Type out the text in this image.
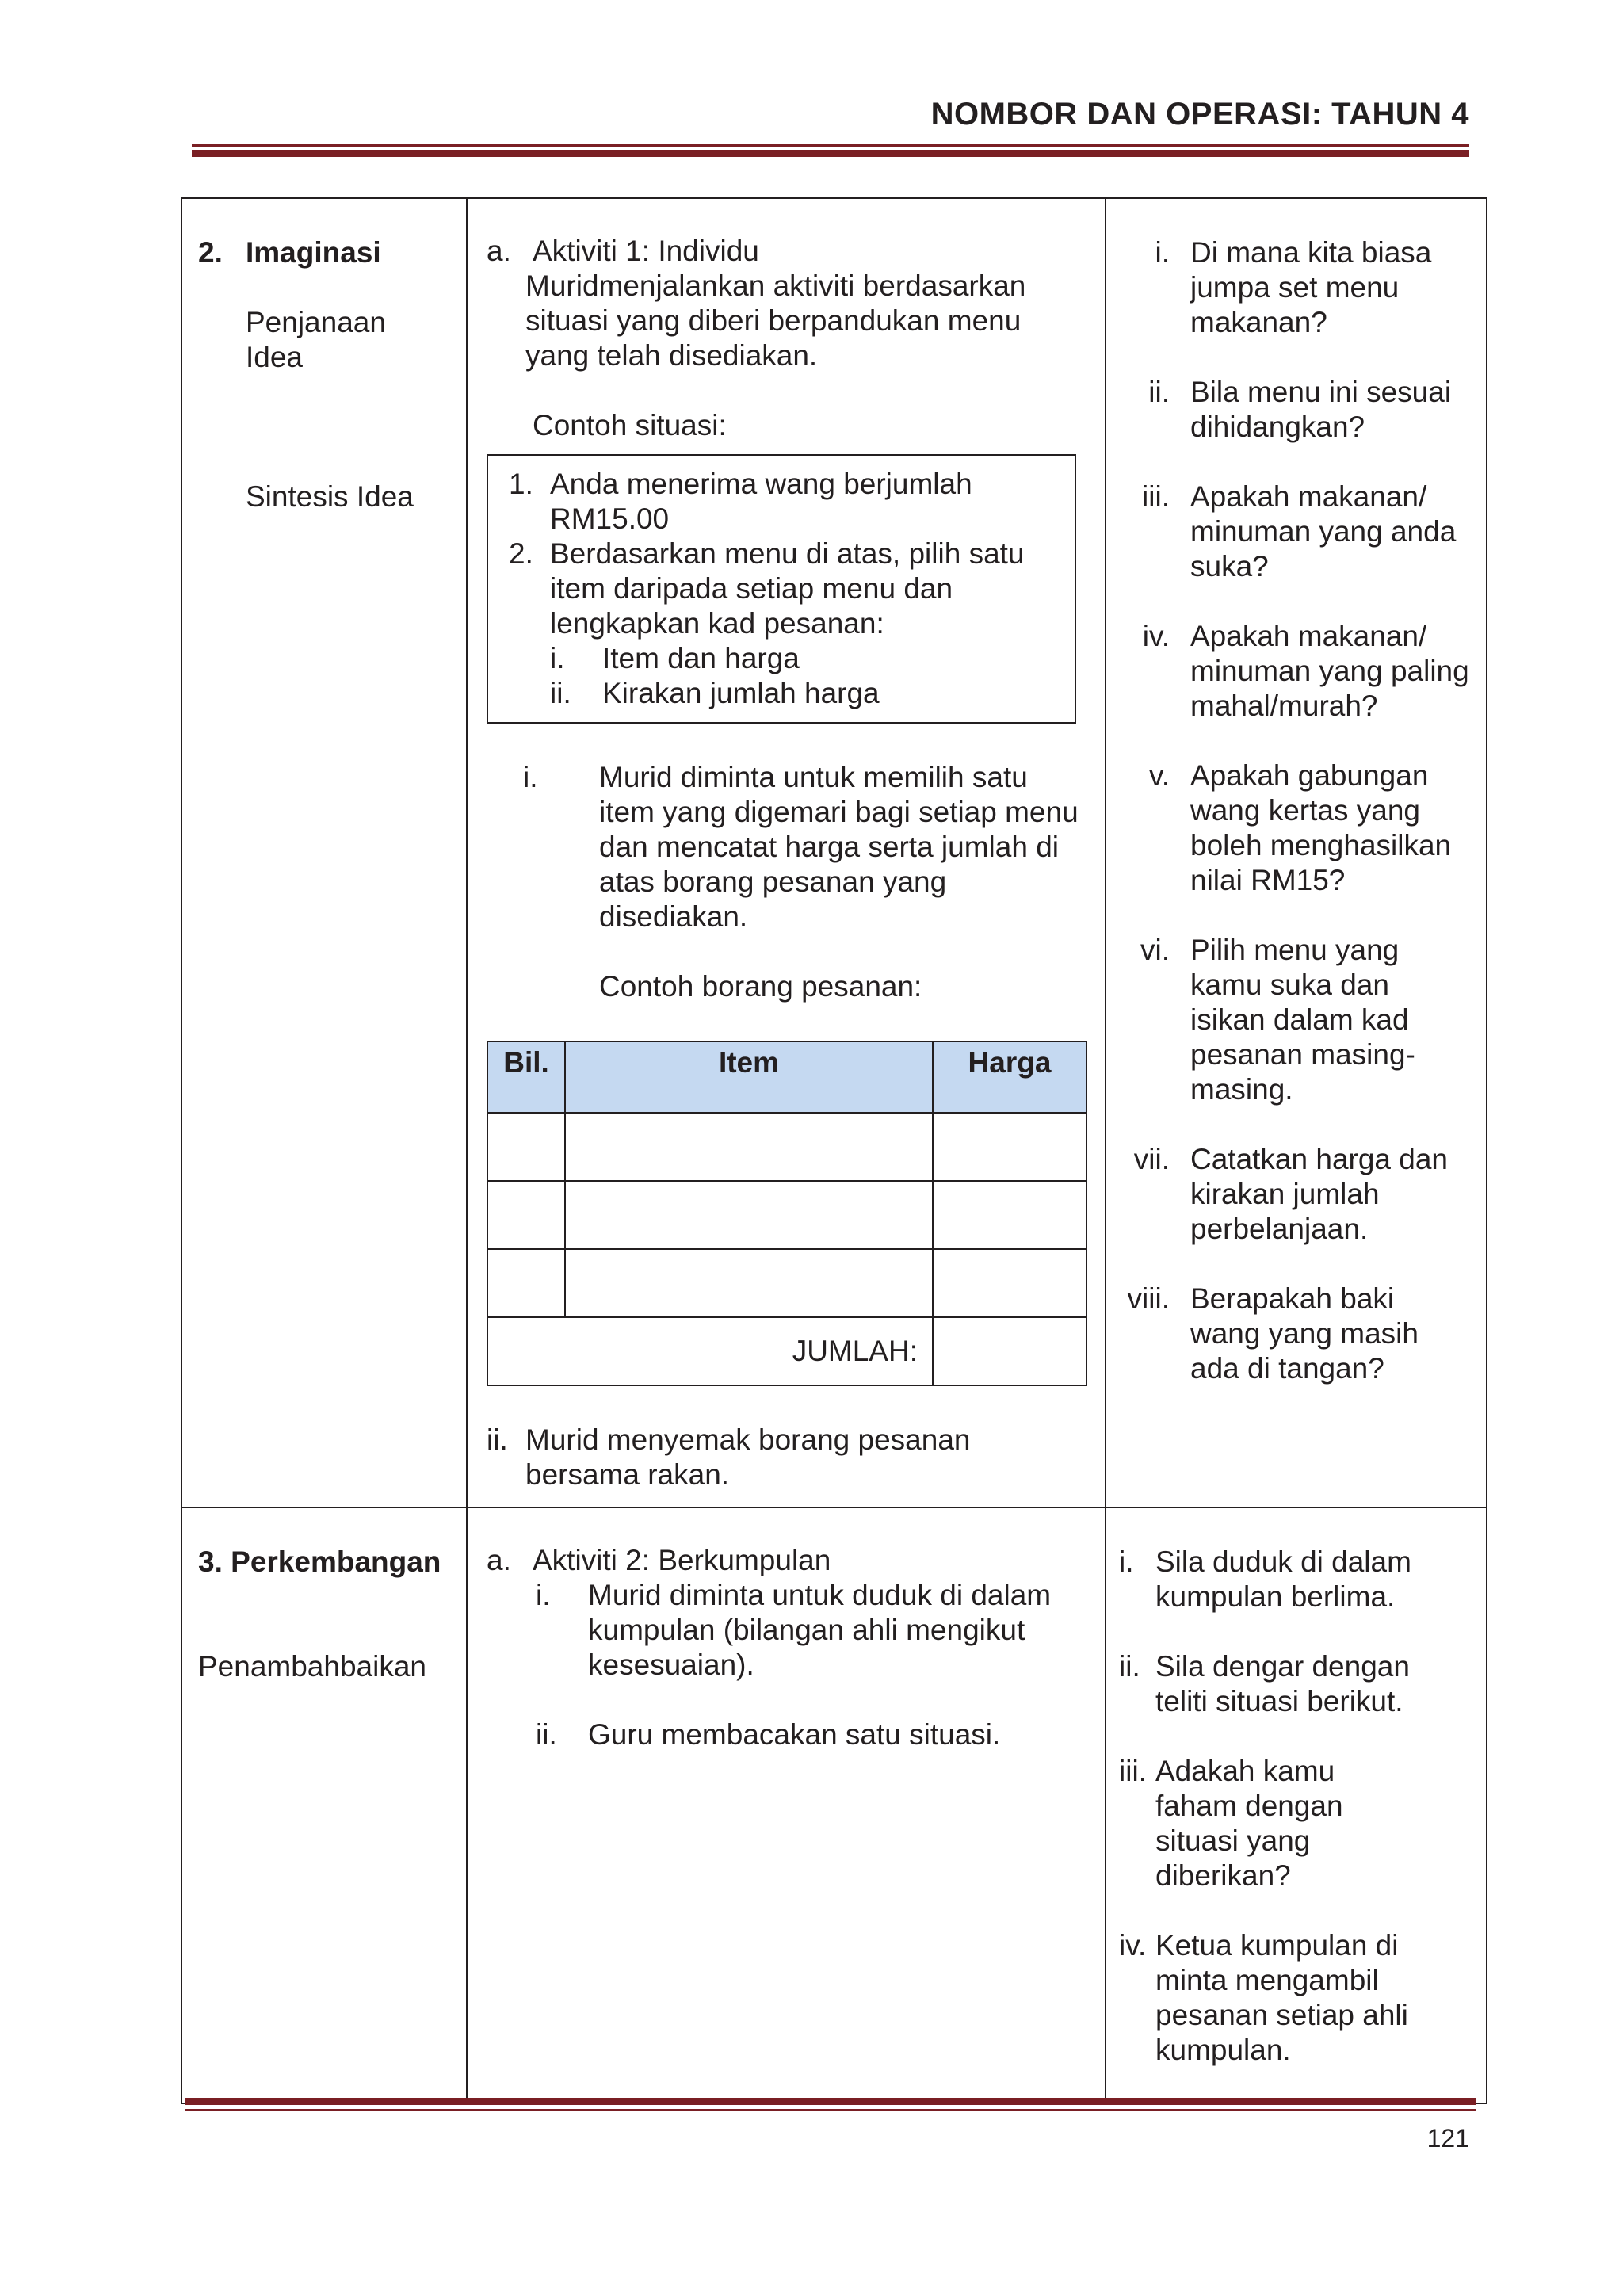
NOMBOR DAN OPERASI: TAHUN 4
2. Imaginasi
Penjanaan Idea
Sintesis Idea

a. Aktiviti 1: Individu
Muridmenjalankan aktiviti berdasarkan situasi yang diberi berpandukan menu yang telah disediakan.
Contoh situasi:
1. Anda menerima wang berjumlah RM15.00
2. Berdasarkan menu di atas, pilih satu item daripada setiap menu dan lengkapkan kad pesanan:
i.	Item dan harga
ii.	Kirakan jumlah harga
i.	Murid diminta untuk memilih satu item yang digemari bagi setiap menu dan mencatat harga serta jumlah di atas borang pesanan yang disediakan.
Contoh borang pesanan:
Bil.	Item	Harga

JUMLAH:	
ii. Murid menyemak borang pesanan bersama rakan.

i. Di mana kita biasa jumpa set menu makanan?
ii. Bila menu ini sesuai dihidangkan?
iii. Apakah makanan/ minuman yang anda suka?
iv. Apakah makanan/ minuman yang paling mahal/murah?
v. Apakah gabungan wang kertas yang boleh menghasilkan nilai RM15?
vi. Pilih menu yang kamu suka dan isikan dalam kad pesanan masing-masing.
vii. Catatkan harga dan kirakan jumlah perbelanjaan.
viii. Berapakah baki wang yang masih ada di tangan?

3. Perkembangan
Penambahbaikan

a. Aktiviti 2: Berkumpulan
i.	Murid diminta untuk duduk di dalam kumpulan (bilangan ahli mengikut kesesuaian).
ii.	Guru membacakan satu situasi.

i. Sila duduk di dalam kumpulan berlima.
ii. Sila dengar dengan teliti situasi berikut.
iii. Adakah kamu faham dengan situasi yang diberikan?
iv. Ketua kumpulan di minta mengambil pesanan setiap ahli kumpulan.

121
